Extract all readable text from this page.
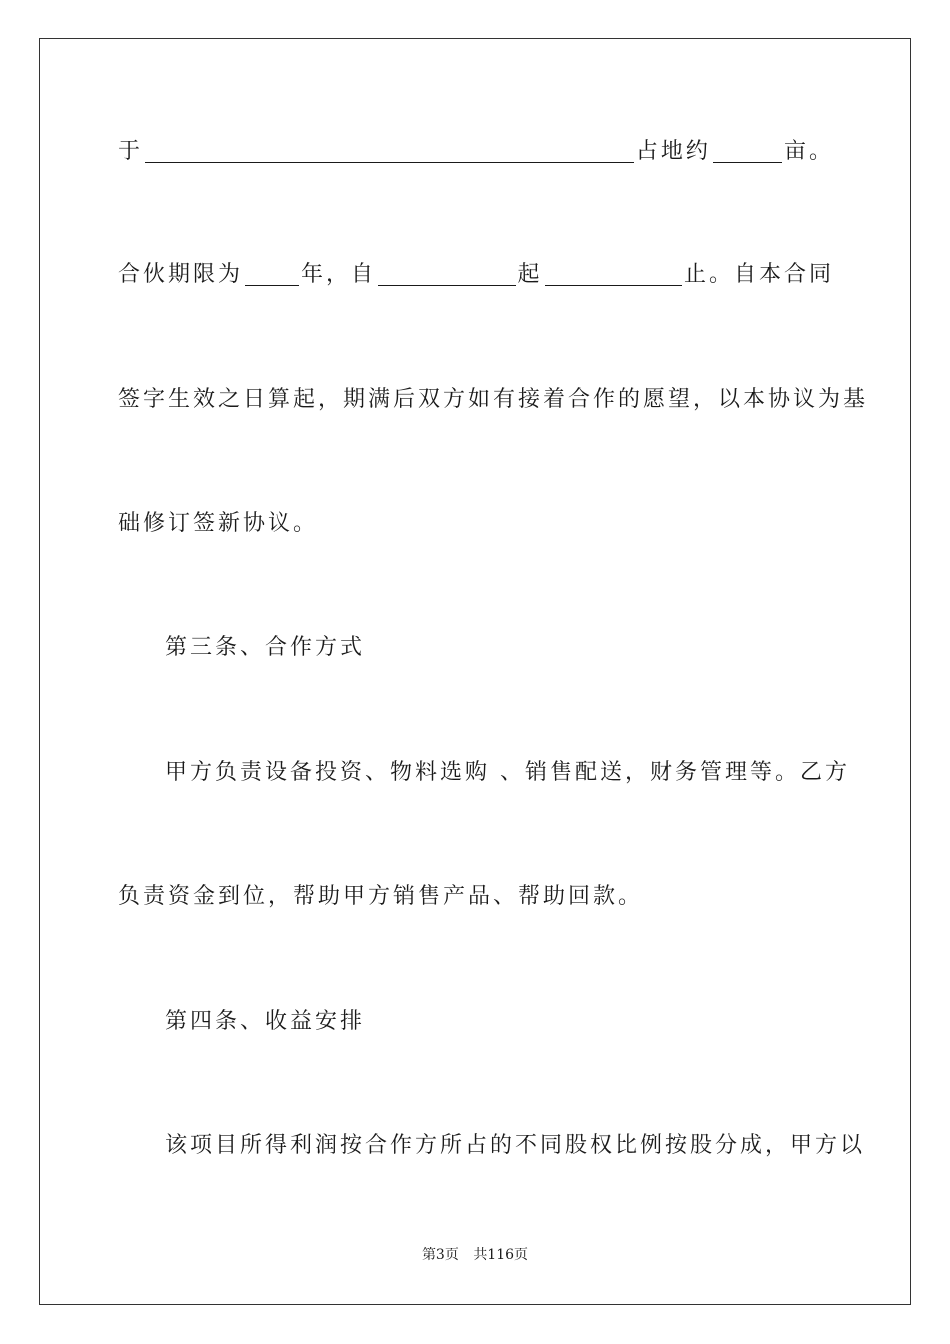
于	占地约	亩。
合伙期限为	年，自	起	止。自本合同
签字生效之日算起，期满后双方如有接着合作的愿望，以本协议为基
础修订签新协议。
第三条、合作方式
甲方负责设备投资、物料选购 、销售配送，财务管理等。乙方
负责资金到位，帮助甲方销售产品、帮助回款。
第四条、收益安排
该项目所得利润按合作方所占的不同股权比例按股分成，甲方以
第3页 共116页
